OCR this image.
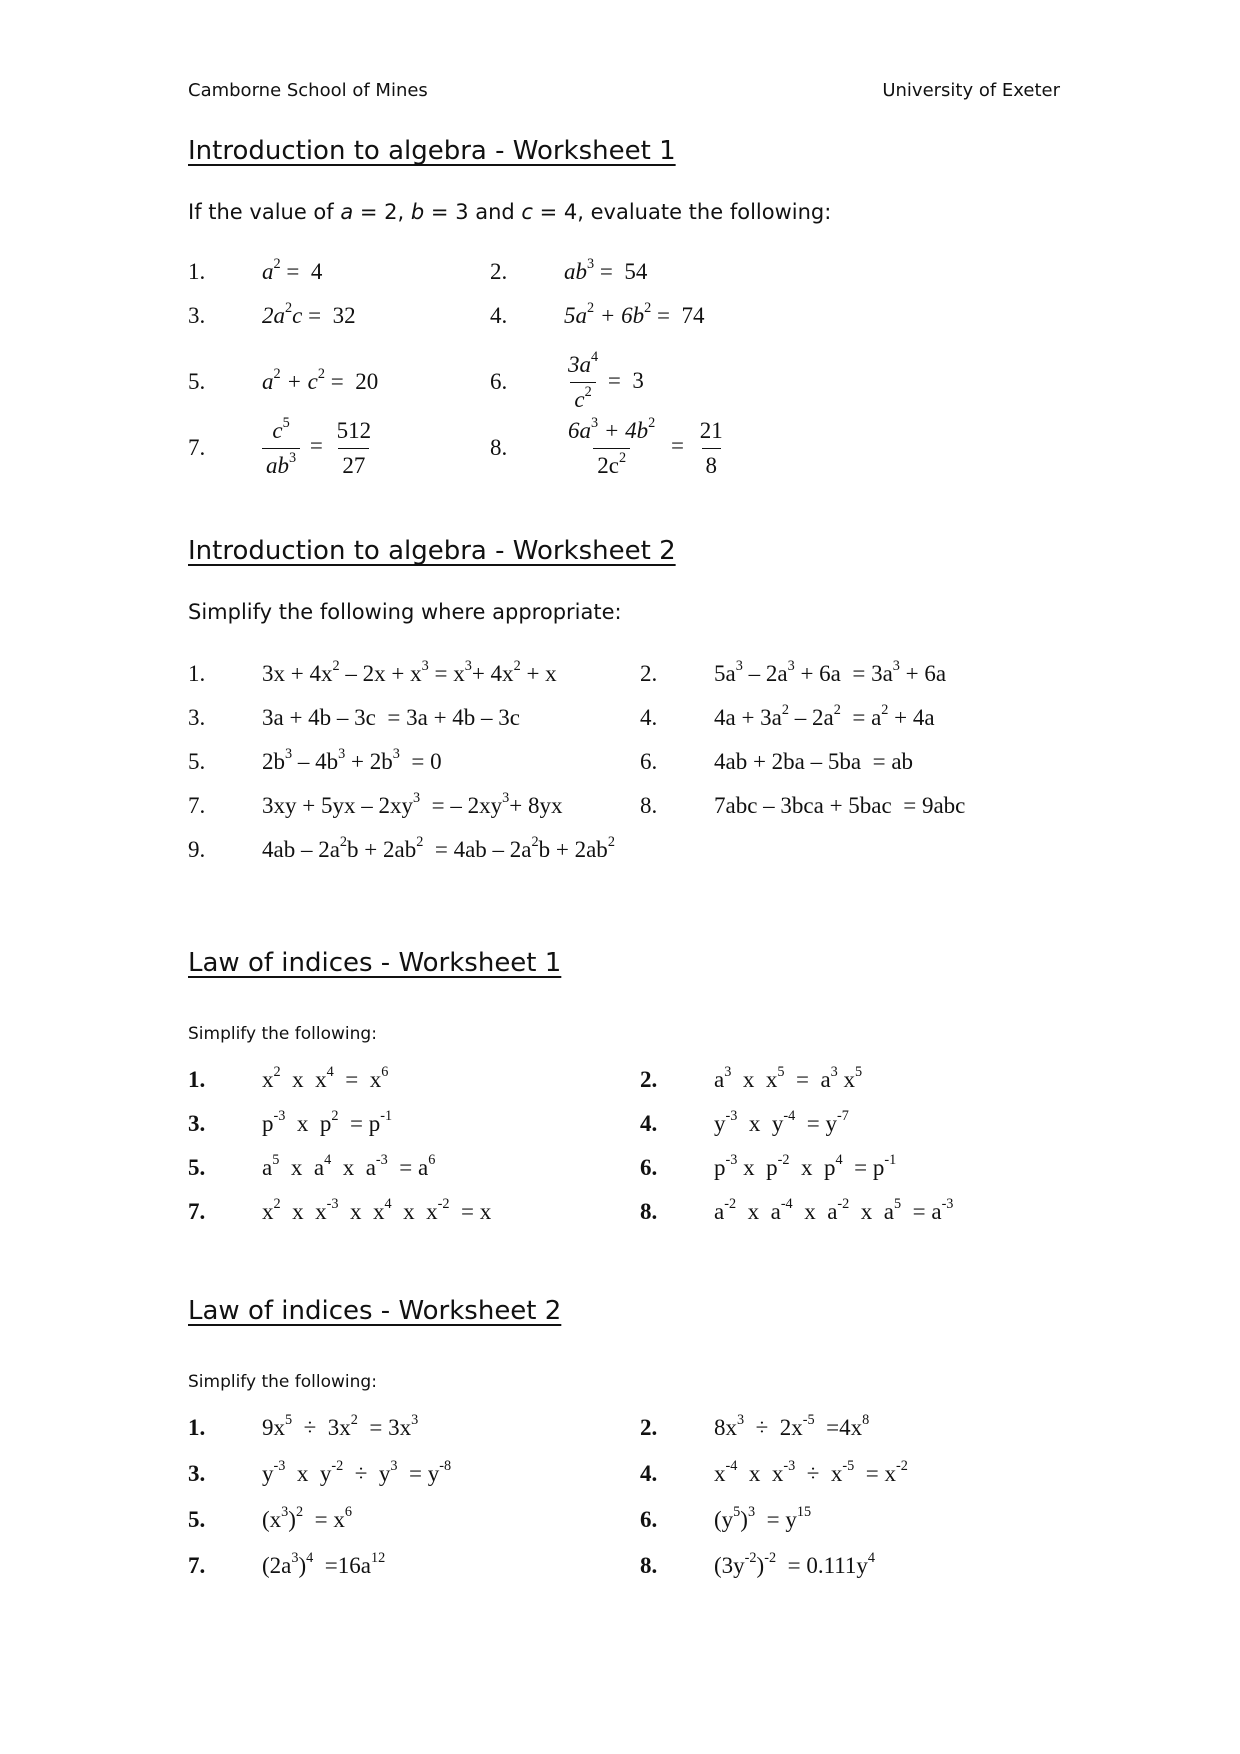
Camborne School of Mines	University of Exeter
Introduction to algebra - Worksheet 1
If the value of a = 2, b = 3 and c = 4, evaluate the following:
1.	$a^2 = 4$	2.	$ab^3 = 54$
3.	$2a^2c = 32$	4.	$5a^2 + 6b^2 = 74$
5.	$a^2 + c^2 = 20$	6.	$\frac{3a^4}{c^2} = 3$
7.	$\frac{c^5}{ab^3} = \frac{512}{27}$	8.	$\frac{6a^3 + 4b^2}{2c^2} = \frac{21}{8}$
Introduction to algebra - Worksheet 2
Simplify the following where appropriate:
1.	$3x + 4x^2 - 2x + x^3 = x^3+ 4x^2 + x$	2.	$5a^3 - 2a^3 + 6a = 3a^3 + 6a$
3.	3a + 4b – 3c  = 3a + 4b – 3c	4.	$4a + 3a^2 - 2a^2 = a^2 + 4a$
5.	$2b^3 - 4b^3 + 2b^3 = 0$	6.	4ab + 2ba – 5ba  = ab
7.	$3xy + 5yx - 2xy^3$  = – $2xy^3+ 8yx$	8.	7abc – 3bca + 5bac  = 9abc
9.	$4ab - 2a^2b + 2ab^2 = 4ab - 2a^2b + 2ab^2$
Law of indices - Worksheet 1
Simplify the following:
1.	$x^2$  x  $x^4 = x^6$	2.	$a^3$  x  $x^5 = a^3$ $x^5$
3.	$p^{-3}$  x  $p^2 = p^{-1}$	4.	$y^{-3}$  x  $y^{-4} = y^{-7}$
5.	$a^5$  x  $a^4$  x  $a^{-3} = a^6$	6.	$p^{-3}$ x  $p^{-2}$  x  $p^4 = p^{-1}$
7.	$x^2$  x  $x^{-3}$  x  $x^4$  x  $x^{-2} = x$	8.	$a^{-2}$  x  $a^{-4}$  x  $a^{-2}$  x  $a^5 = a^{-3}$
Law of indices - Worksheet 2
Simplify the following:
1.	$9x^5 \div 3x^2 = 3x^3$	2.	$8x^3 \div 2x^{-5} =4x^8$
3.	$y^{-3}$  x  $y^{-2} \div y^3 = y^{-8}$	4.	$x^{-4}$  x  $x^{-3} \div x^{-5} = x^{-2}$
5.	$(x^3)^2 = x^6$	6.	$(y^5)^3 = y^{15}$
7.	$(2a^3)^4 =16a^{12}$	8.	$(3y^{-2})^{-2} = 0.111y^4$
